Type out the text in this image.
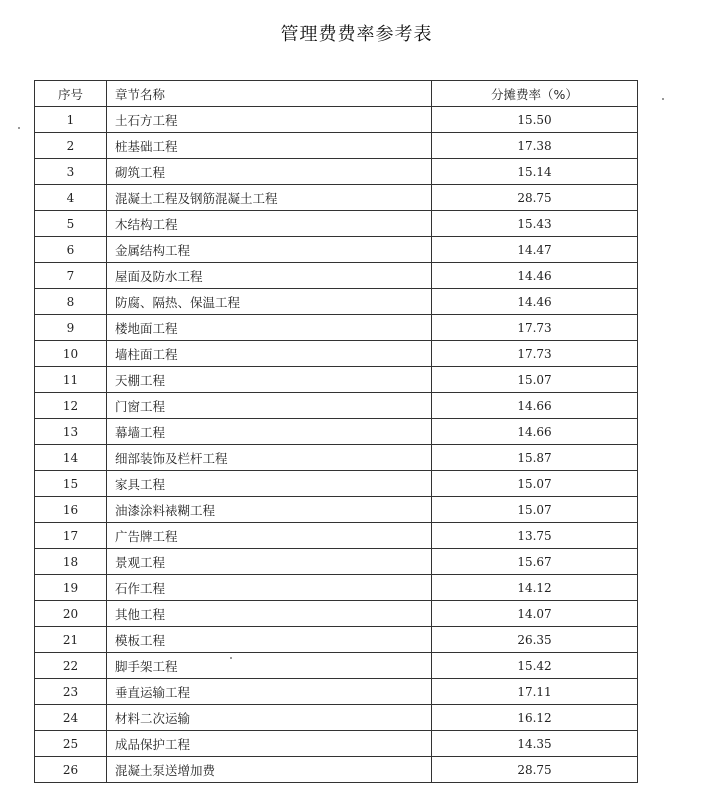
管理费费率参考表
序号	章节名称	分摊费率（%）
1	土石方工程	15.50
2	桩基础工程	17.38
3	砌筑工程	15.14
4	混凝土工程及钢筋混凝土工程	28.75
5	木结构工程	15.43
6	金属结构工程	14.47
7	屋面及防水工程	14.46
8	防腐、隔热、保温工程	14.46
9	楼地面工程	17.73
10	墙柱面工程	17.73
11	天棚工程	15.07
12	门窗工程	14.66
13	幕墙工程	14.66
14	细部装饰及栏杆工程	15.87
15	家具工程	15.07
16	油漆涂料裱糊工程	15.07
17	广告牌工程	13.75
18	景观工程	15.67
19	石作工程	14.12
20	其他工程	14.07
21	模板工程	26.35
22	脚手架工程	15.42
23	垂直运输工程	17.11
24	材料二次运输	16.12
25	成品保护工程	14.35
26	混凝土泵送增加费	28.75
